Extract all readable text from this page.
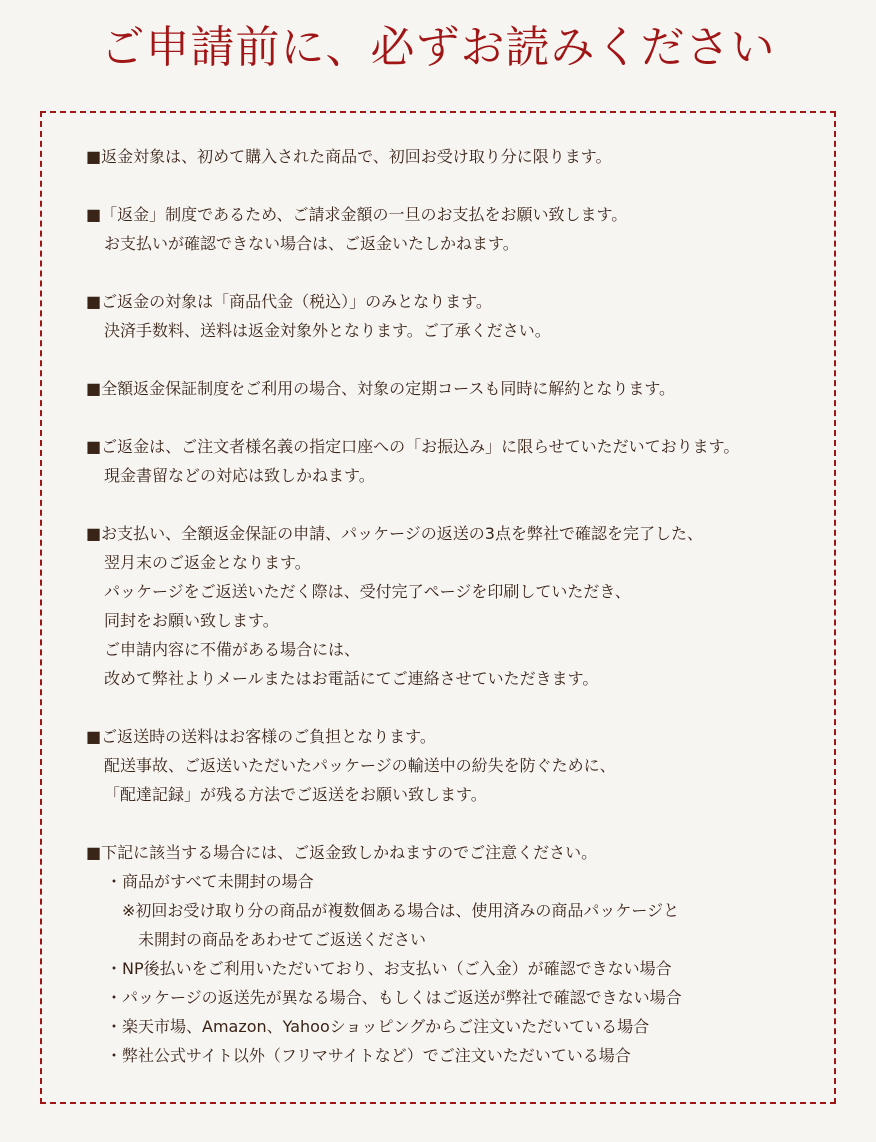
ご申請前に、必ずお読みください
■返金対象は、初めて購入された商品で、初回お受け取り分に限ります。
■「返金」制度であるため、ご請求金額の一旦のお支払をお願い致します。
お支払いが確認できない場合は、ご返金いたしかねます。
■ご返金の対象は「商品代金（税込）」のみとなります。
決済手数料、送料は返金対象外となります。ご了承ください。
■全額返金保証制度をご利用の場合、対象の定期コースも同時に解約となります。
■ご返金は、ご注文者様名義の指定口座への「お振込み」に限らせていただいております。
現金書留などの対応は致しかねます。
■お支払い、全額返金保証の申請、パッケージの返送の3点を弊社で確認を完了した、
翌月末のご返金となります。
パッケージをご返送いただく際は、受付完了ページを印刷していただき、
同封をお願い致します。
ご申請内容に不備がある場合には、
改めて弊社よりメールまたはお電話にてご連絡させていただきます。
■ご返送時の送料はお客様のご負担となります。
配送事故、ご返送いただいたパッケージの輸送中の紛失を防ぐために、
「配達記録」が残る方法でご返送をお願い致します。
■下記に該当する場合には、ご返金致しかねますのでご注意ください。
・商品がすべて未開封の場合
※初回お受け取り分の商品が複数個ある場合は、使用済みの商品パッケージと
未開封の商品をあわせてご返送ください
・NP後払いをご利用いただいており、お支払い（ご入金）が確認できない場合
・パッケージの返送先が異なる場合、もしくはご返送が弊社で確認できない場合
・楽天市場、Amazon、Yahooショッピングからご注文いただいている場合
・弊社公式サイト以外（フリマサイトなど）でご注文いただいている場合
